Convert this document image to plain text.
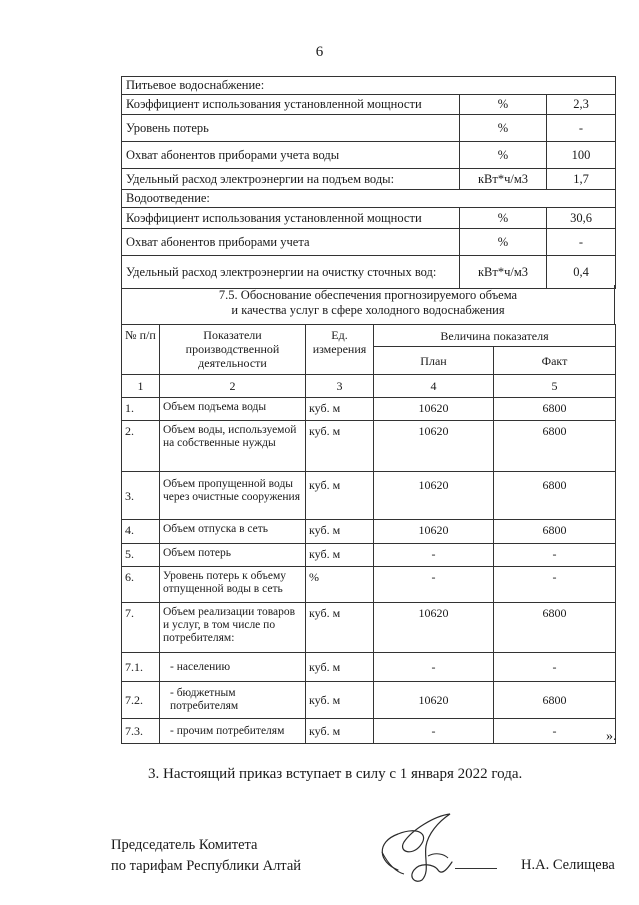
6
Питьевое водоснабжение:		
Коэффициент использования установленной мощности	%	2,3
Уровень потерь	%	-
Охват абонентов приборами учета воды	%	100
Удельный расход электроэнергии на подъем воды:	кВт*ч/м3	1,7
Водоотведение:		
Коэффициент использования установленной мощности	%	30,6
Охват абонентов приборами учета	%	-
Удельный расход электроэнергии на очистку сточных вод:	кВт*ч/м3	0,4
7.5. Обоснование обеспечения прогнозируемого объема
и качества услуг в сфере холодного водоснабжения
№ п/п	Показатели производственной деятельности	Ед. измерения	Величина показателя	
			План	Факт
1	2	3	4	5
1.	Объем подъема воды	куб. м	10620	6800
2.	Объем воды, используемой на собственные нужды	куб. м	10620	6800
3.	Объем пропущенной воды через очистные сооружения	куб. м	10620	6800
4.	Объем отпуска в сеть	куб. м	10620	6800
5.	Объем потерь	куб. м	-	-
6.	Уровень потерь к объему отпущенной воды в сеть	%	-	-
7.	Объем реализации товаров и услуг, в том числе по потребителям:	куб. м	10620	6800
7.1.	- населению	куб. м	-	-
7.2.	- бюджетным потребителям	куб. м	10620	6800
7.3.	- прочим потребителям	куб. м	-	-	».
3. Настоящий приказ вступает в силу с 1 января 2022 года.
Председатель Комитета
по тарифам Республики Алтай	Н.А. Селищева
